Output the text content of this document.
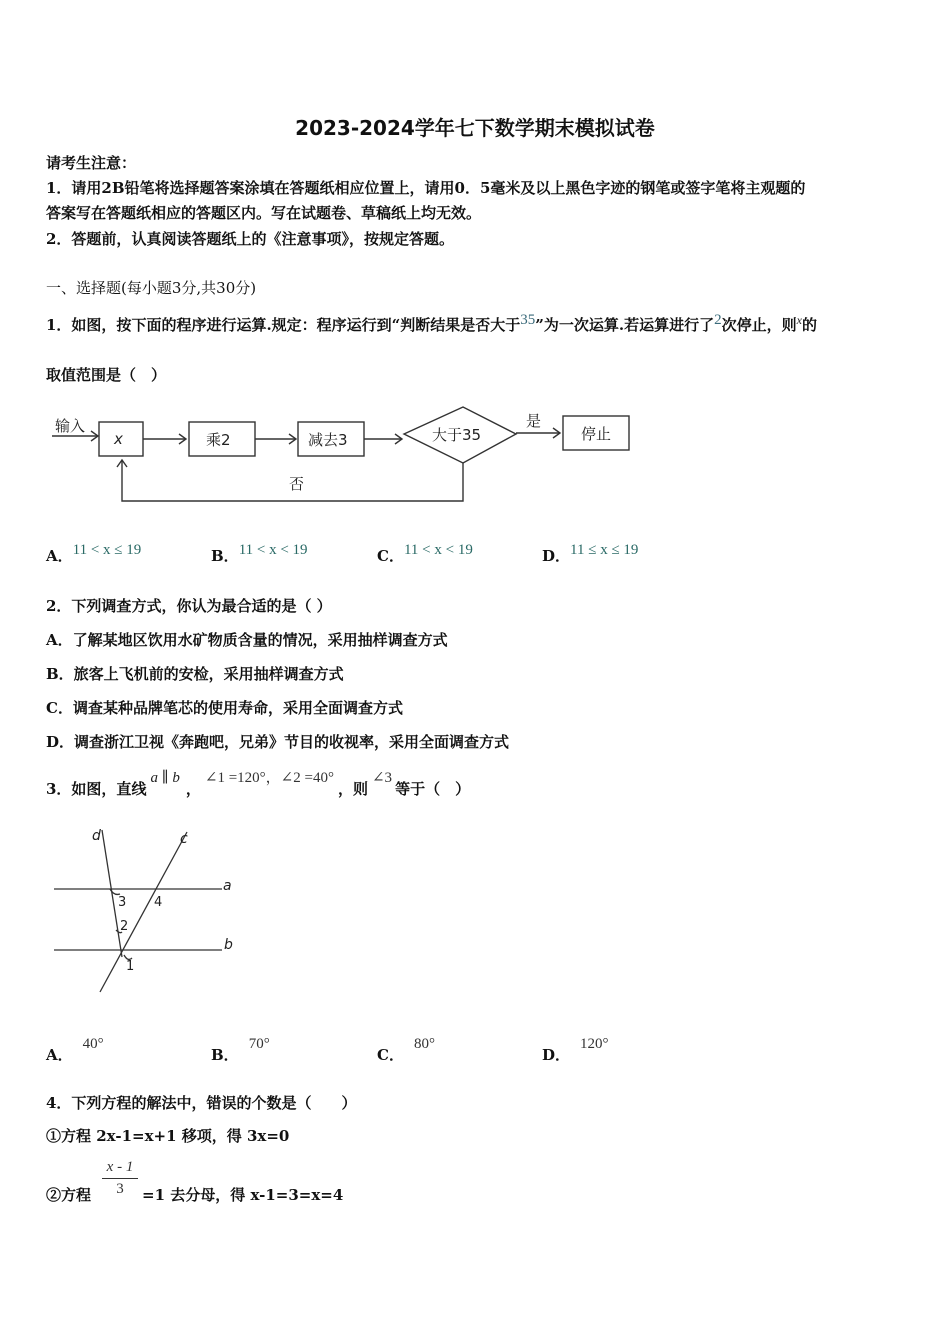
2023-2024学年七下数学期末模拟试卷
请考生注意：
1．请用2B铅笔将选择题答案涂填在答题纸相应位置上，请用0．5毫米及以上黑色字迹的钢笔或签字笔将主观题的
答案写在答题纸相应的答题区内。写在试题卷、草稿纸上均无效。
2．答题前，认真阅读答题纸上的《注意事项》，按规定答题。
一、选择题(每小题3分,共30分)
1．如图，按下面的程序进行运算.规定：程序运行到“判断结果是否大于35”为一次运算.若运算进行了2次停止，则$^x$的
取值范围是（　）
输入
x	乘2	减去3	大于35
是
停止
否
A．11 < x ≤ 19	B．11 < x < 19	C．11 < x < 19	D．11 ≤ x ≤ 19
2．下列调查方式，你认为最合适的是（ ）
A．了解某地区饮用水矿物质含量的情况，采用抽样调查方式
B．旅客上飞机前的安检，采用抽样调查方式
C．调查某种品牌笔芯的使用寿命，采用全面调查方式
D．调查浙江卫视《奔跑吧，兄弟》节目的收视率，采用全面调查方式
3．如图，直线a ∥ b，∠1 =120°，∠2 =40°，则∠3等于（　）
d	c
a
b
3 4
2
1
A．40°
B．70°
C．80°
D．120°
4．下列方程的解法中，错误的个数是（　　）
①方程 2x-1=x+1 移项，得 3x=0
②方程 $\frac{x - 1}{3} =1$ 去分母，得 x-1=3=x=4
